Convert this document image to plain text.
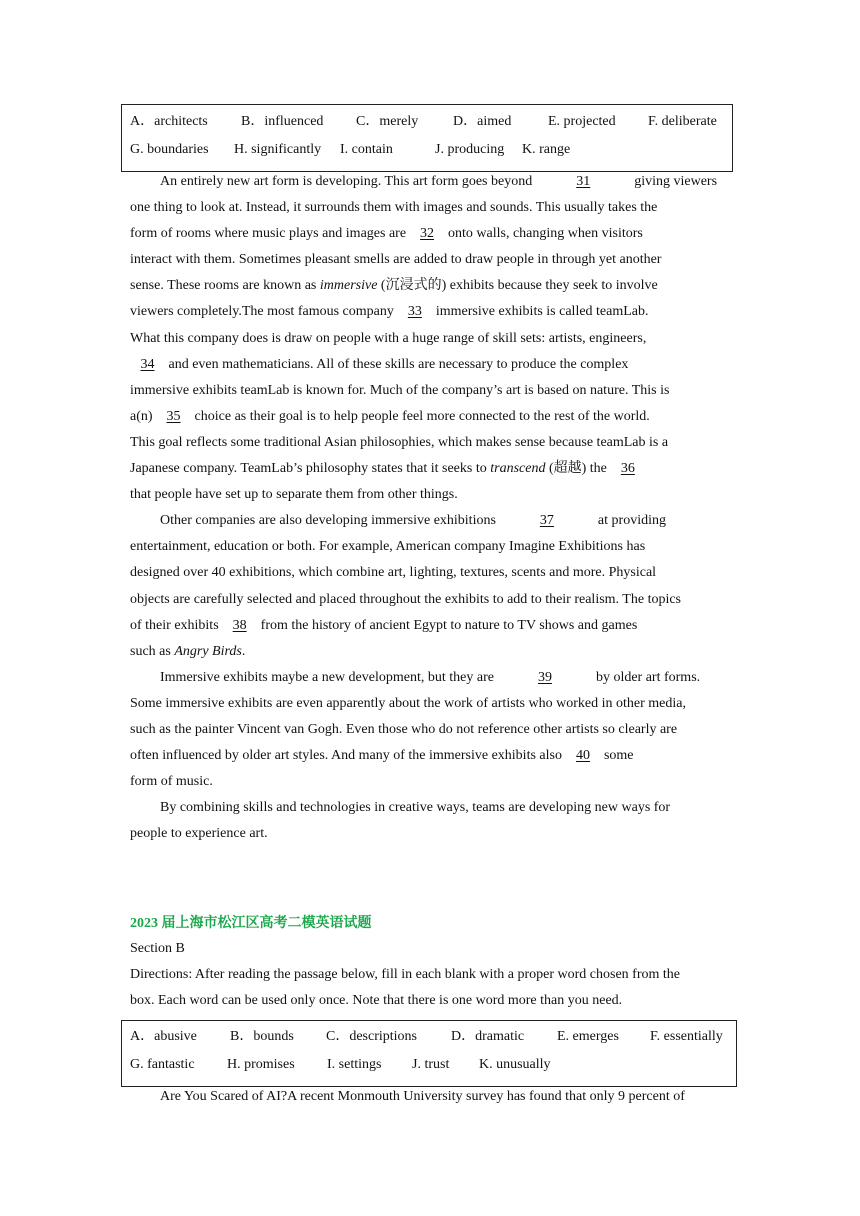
A．architects B．influenced C．merely D．aimed	E. projected F. deliberate
G. boundaries H. significantly I. contain	J. producing K. range

An entirely new art form is developing. This art form goes beyond	31	giving viewers
one thing to look at. Instead, it surrounds them with images and sounds. This usually takes the
form of rooms where music plays and images are    32    onto walls, changing when visitors
interact with them. Sometimes pleasant smells are added to draw people in through yet another
sense. These rooms are known as immersive (沉浸式的) exhibits because they seek to involve
viewers completely.The most famous company    33    immersive exhibits is called teamLab.
What this company does is draw on people with a huge range of skill sets: artists, engineers,
34    and even mathematicians. All of these skills are necessary to produce the complex
immersive exhibits teamLab is known for. Much of the company’s art is based on nature. This is
a(n)    35    choice as their goal is to help people feel more connected to the rest of the world.
This goal reflects some traditional Asian philosophies, which makes sense because teamLab is a
Japanese company. TeamLab’s philosophy states that it seeks to transcend (超越) the    36
that people have set up to separate them from other things.

Other companies are also developing immersive exhibitions	37	at providing
entertainment, education or both. For example, American company Imagine Exhibitions has
designed over 40 exhibitions, which combine art, lighting, textures, scents and more. Physical
objects are carefully selected and placed throughout the exhibits to add to their realism. The topics
of their exhibits    38    from the history of ancient Egypt to nature to TV shows and games
such as Angry Birds.

Immersive exhibits maybe a new development, but they are	39	by older art forms.
Some immersive exhibits are even apparently about the work of artists who worked in other media,
such as the painter Vincent van Gogh. Even those who do not reference other artists so clearly are
often influenced by older art styles. And many of the immersive exhibits also    40    some
form of music.

By combining skills and technologies in creative ways, teams are developing new ways for
people to experience art.

2023 届上海市松江区高考二模英语试题
Section B
Directions: After reading the passage below, fill in each blank with a proper word chosen from the
box. Each word can be used only once. Note that there is one word more than you need.
A．abusive B．bounds C．descriptions D．dramatic E. emerges F. essentially
G. fantastic H. promises I. settings J. trust K. unusually
Are You Scared of AI?A recent Monmouth University survey has found that only 9 percent of
